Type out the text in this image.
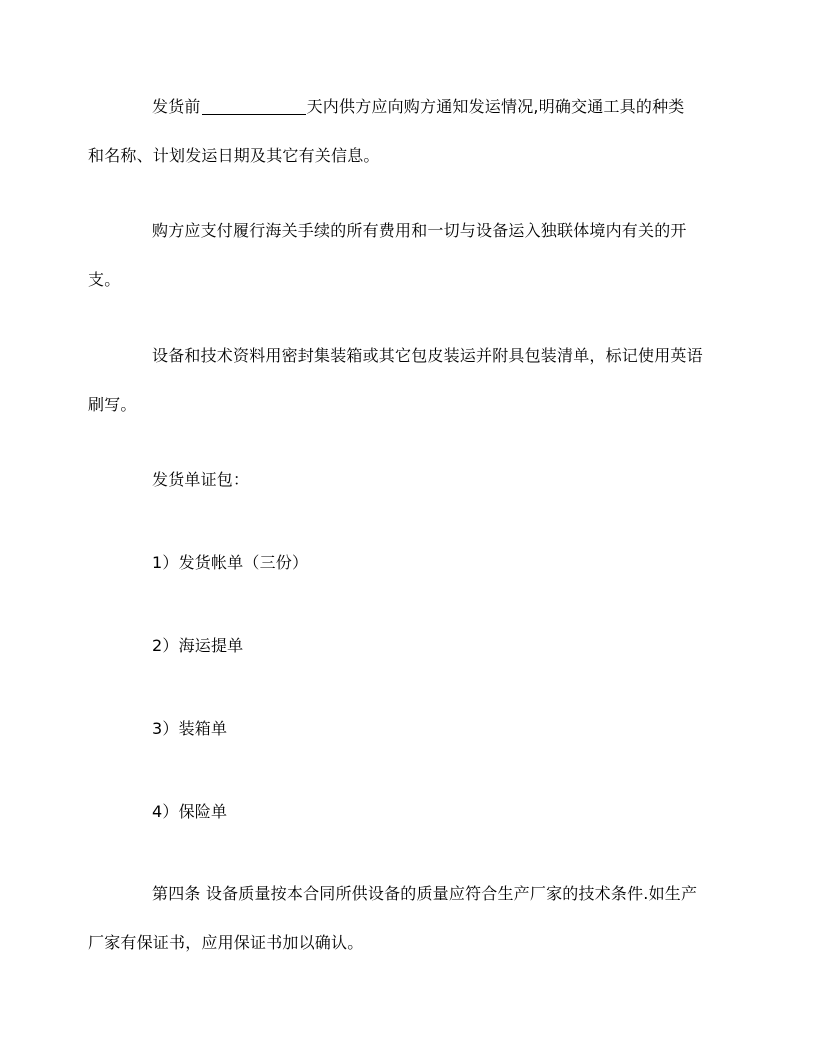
发货前	天内供方应向购方通知发运情况,明确交通工具的种类
和名称、计划发运日期及其它有关信息。

购方应支付履行海关手续的所有费用和一切与设备运入独联体境内有关的开
支。

设备和技术资料用密封集装箱或其它包皮装运并附具包装清单，标记使用英语
刷写。

发货单证包：

1）发货帐单（三份）

2）海运提单

3）装箱单

4）保险单

第四条 设备质量按本合同所供设备的质量应符合生产厂家的技术条件.如生产
厂家有保证书，应用保证书加以确认。
